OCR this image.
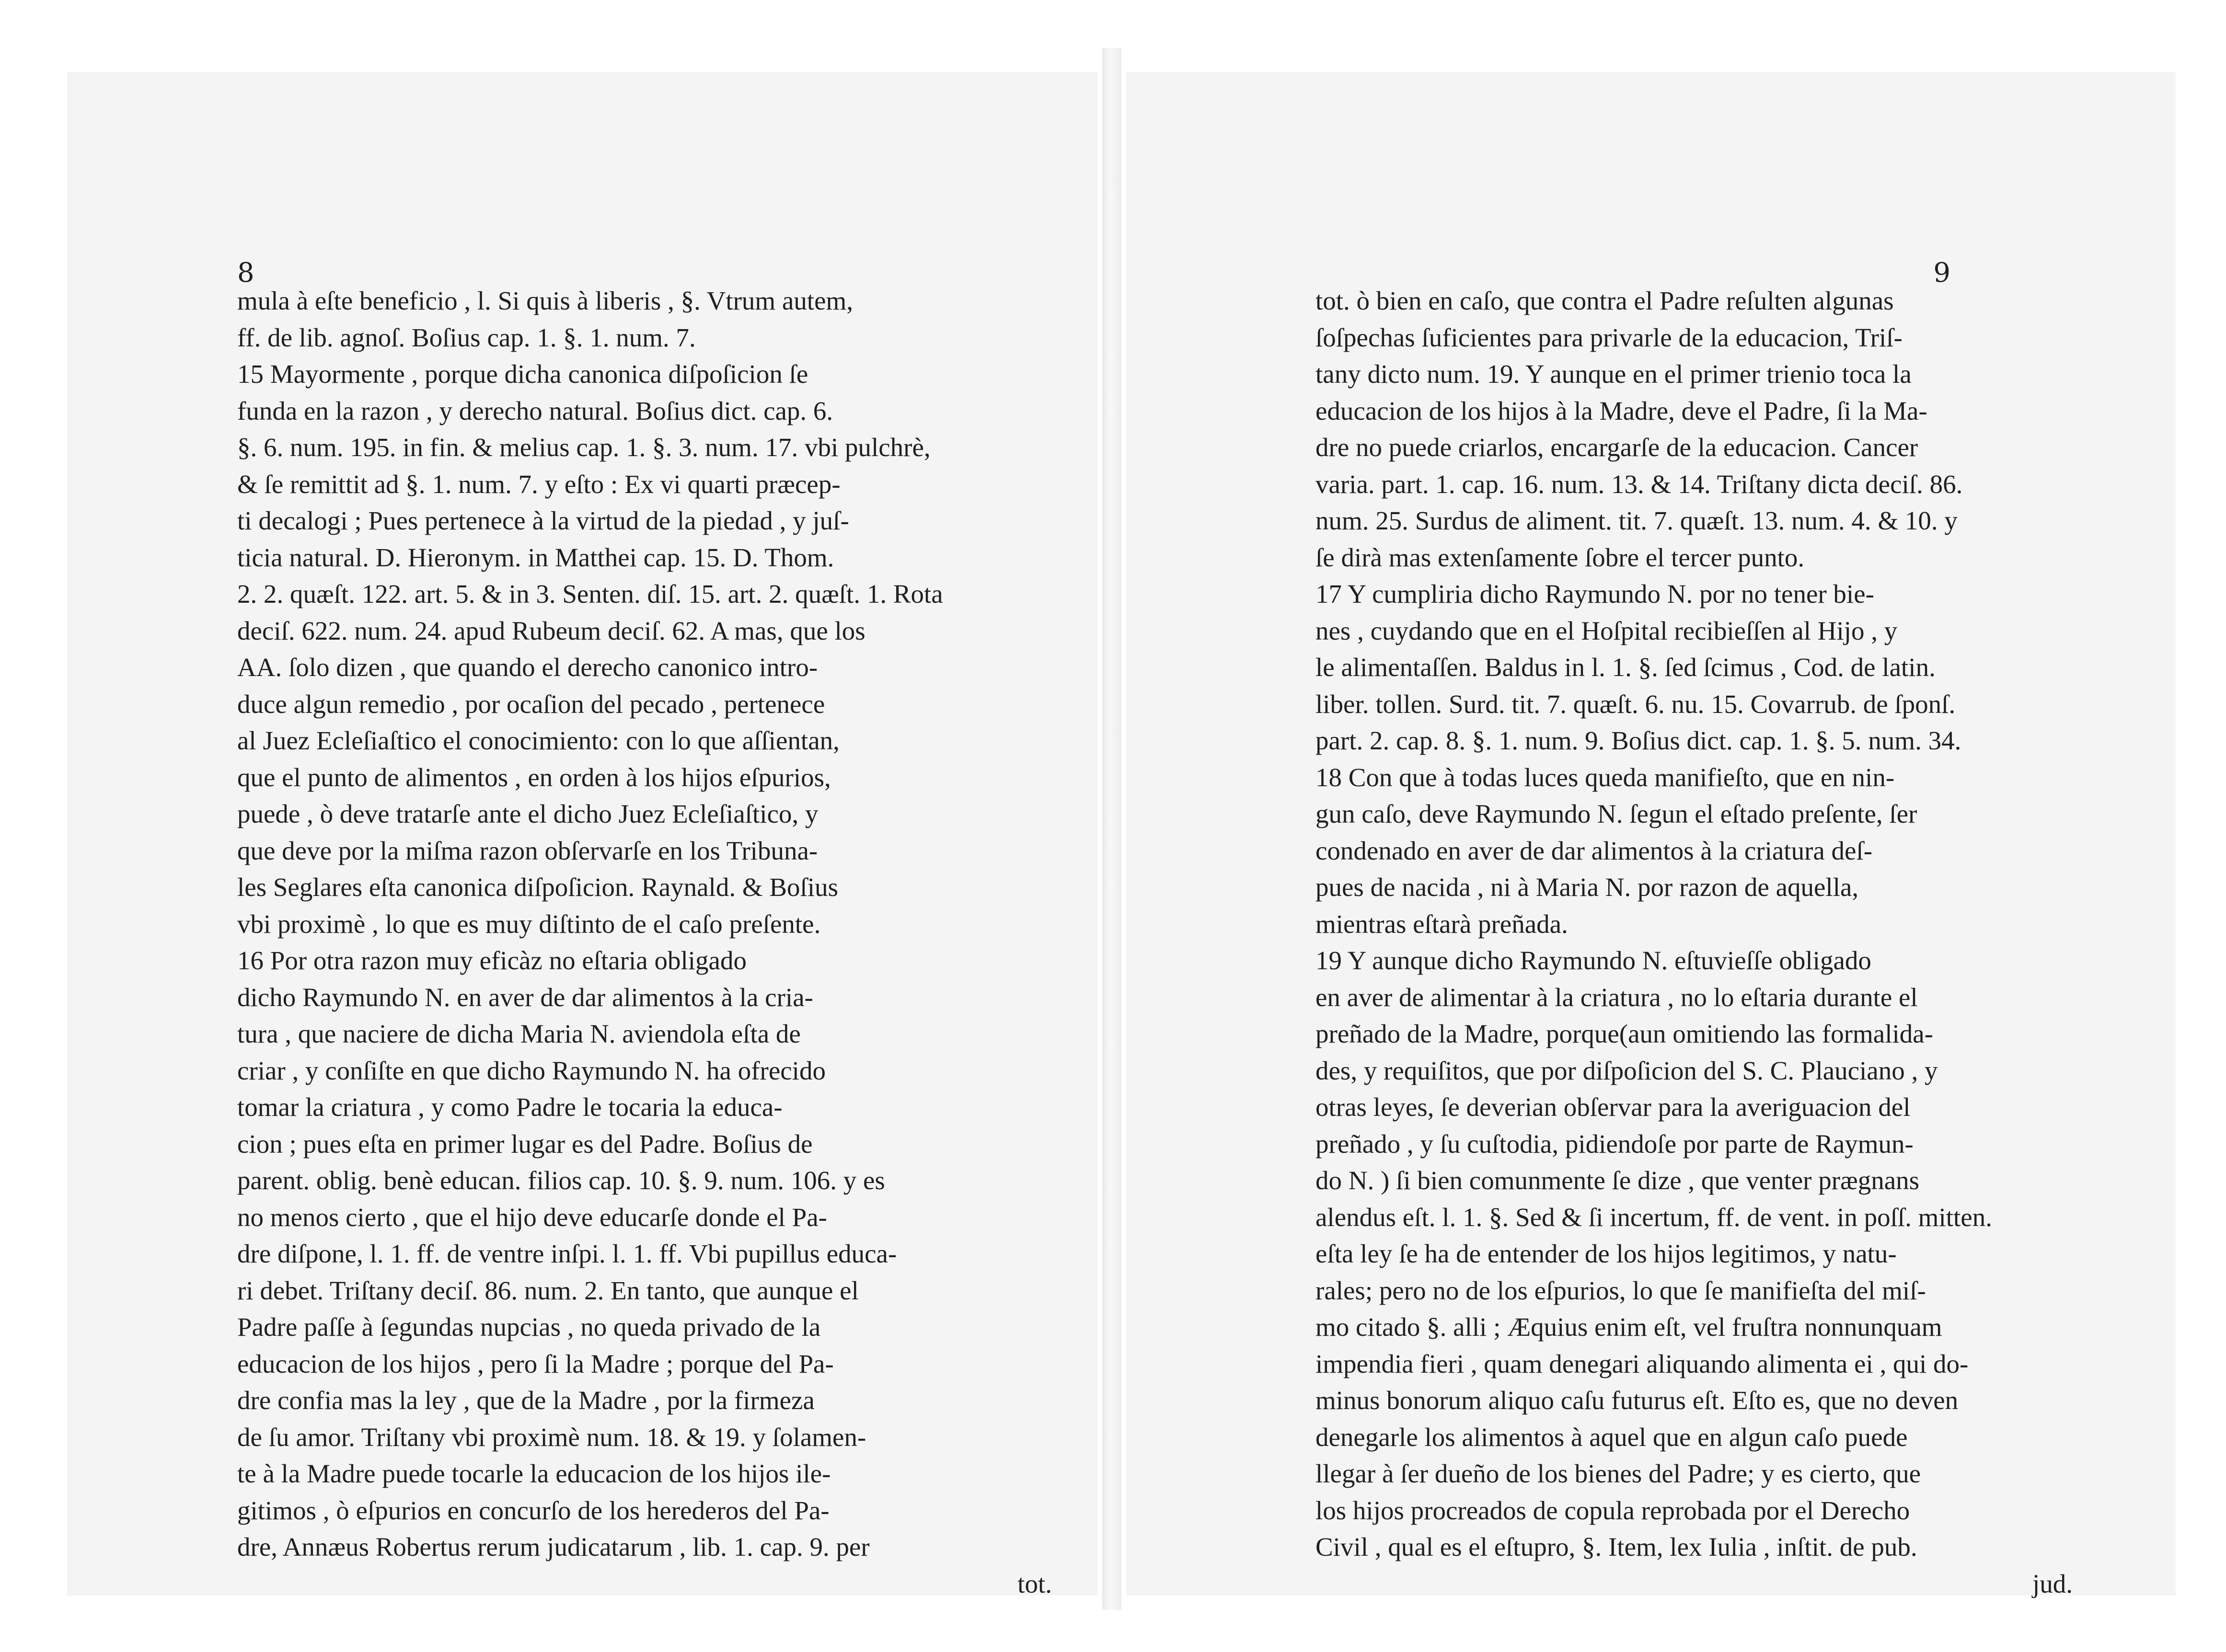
8
mula à eſte beneficio , l. Si quis à liberis , §. Vtrum autem,
ff. de lib. agnoſ. Boſius cap. 1. §. 1. num. 7.
15 Mayormente , porque dicha canonica diſpoſicion ſe
funda en la razon , y derecho natural. Boſius dict. cap. 6.
§. 6. num. 195. in fin. & melius cap. 1. §. 3. num. 17. vbi pulchrè,
& ſe remittit ad §. 1. num. 7. y eſto : Ex vi quarti præcep-
ti decalogi ; Pues pertenece à la virtud de la piedad , y juſ-
ticia natural. D. Hieronym. in Matthei cap. 15. D. Thom.
2. 2. quæſt. 122. art. 5. & in 3. Senten. diſ. 15. art. 2. quæſt. 1. Rota
deciſ. 622. num. 24. apud Rubeum deciſ. 62. A mas, que los
AA. ſolo dizen , que quando el derecho canonico intro-
duce algun remedio , por ocaſion del pecado , pertenece
al Juez Ecleſiaſtico el conocimiento: con lo que aſſientan,
que el punto de alimentos , en orden à los hijos eſpurios,
puede , ò deve tratarſe ante el dicho Juez Ecleſiaſtico, y
que deve por la miſma razon obſervarſe en los Tribuna-
les Seglares eſta canonica diſpoſicion. Raynald. & Boſius
vbi proximè , lo que es muy diſtinto de el caſo preſente.
16 Por otra razon muy eficàz no eſtaria obligado
dicho Raymundo N. en aver de dar alimentos à la cria-
tura , que naciere de dicha Maria N. aviendola eſta de
criar , y conſiſte en que dicho Raymundo N. ha ofrecido
tomar la criatura , y como Padre le tocaria la educa-
cion ; pues eſta en primer lugar es del Padre. Boſius de
parent. oblig. benè educan. filios cap. 10. §. 9. num. 106. y es
no menos cierto , que el hijo deve educarſe donde el Pa-
dre diſpone, l. 1. ff. de ventre inſpi. l. 1. ff. Vbi pupillus educa-
ri debet. Triſtany deciſ. 86. num. 2. En tanto, que aunque el
Padre paſſe à ſegundas nupcias , no queda privado de la
educacion de los hijos , pero ſi la Madre ; porque del Pa-
dre confia mas la ley , que de la Madre , por la firmeza
de ſu amor. Triſtany vbi proximè num. 18. & 19. y ſolamen-
te à la Madre puede tocarle la educacion de los hijos ile-
gitimos , ò eſpurios en concurſo de los herederos del Pa-
dre, Annæus Robertus rerum judicatarum , lib. 1. cap. 9. per
tot.
9
tot. ò bien en caſo, que contra el Padre reſulten algunas
ſoſpechas ſuficientes para privarle de la educacion, Triſ-
tany dicto num. 19. Y aunque en el primer trienio toca la
educacion de los hijos à la Madre, deve el Padre, ſi la Ma-
dre no puede criarlos, encargarſe de la educacion. Cancer
varia. part. 1. cap. 16. num. 13. & 14. Triſtany dicta deciſ. 86.
num. 25. Surdus de aliment. tit. 7. quæſt. 13. num. 4. & 10. y
ſe dirà mas extenſamente ſobre el tercer punto.
17 Y cumpliria dicho Raymundo N. por no tener bie-
nes , cuydando que en el Hoſpital recibieſſen al Hijo , y
le alimentaſſen. Baldus in l. 1. §. ſed ſcimus , Cod. de latin.
liber. tollen. Surd. tit. 7. quæſt. 6. nu. 15. Covarrub. de ſponſ.
part. 2. cap. 8. §. 1. num. 9. Boſius dict. cap. 1. §. 5. num. 34.
18 Con que à todas luces queda manifieſto, que en nin-
gun caſo, deve Raymundo N. ſegun el eſtado preſente, ſer
condenado en aver de dar alimentos à la criatura deſ-
pues de nacida , ni à Maria N. por razon de aquella,
mientras eſtarà preñada.
19 Y aunque dicho Raymundo N. eſtuvieſſe obligado
en aver de alimentar à la criatura , no lo eſtaria durante el
preñado de la Madre, porque(aun omitiendo las formalida-
des, y requiſitos, que por diſpoſicion del S. C. Plauciano , y
otras leyes, ſe deverian obſervar para la averiguacion del
preñado , y ſu cuſtodia, pidiendoſe por parte de Raymun-
do N. ) ſi bien comunmente ſe dize , que venter prægnans
alendus eſt. l. 1. §. Sed & ſi incertum, ff. de vent. in poſſ. mitten.
eſta ley ſe ha de entender de los hijos legitimos, y natu-
rales; pero no de los eſpurios, lo que ſe manifieſta del miſ-
mo citado §. alli ; Æquius enim eſt, vel fruſtra nonnunquam
impendia fieri , quam denegari aliquando alimenta ei , qui do-
minus bonorum aliquo caſu futurus eſt. Eſto es, que no deven
denegarle los alimentos à aquel que en algun caſo puede
llegar à ſer dueño de los bienes del Padre; y es cierto, que
los hijos procreados de copula reprobada por el Derecho
Civil , qual es el eſtupro, §. Item, lex Iulia , inſtit. de pub.
jud.
